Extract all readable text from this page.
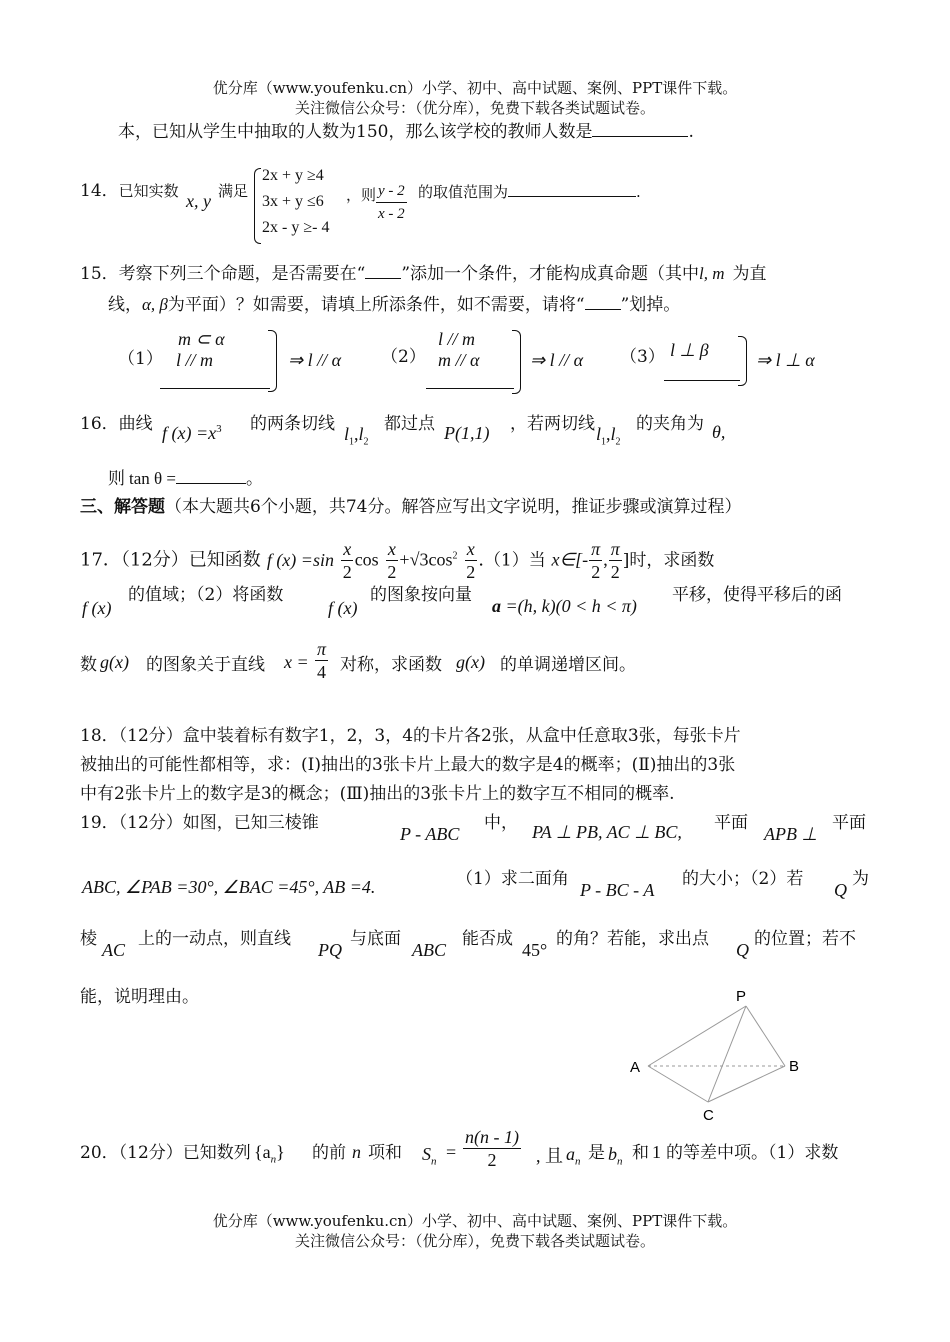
优分库（www.youfenku.cn）小学、初中、高中试题、案例、PPT课件下载。
关注微信公众号：（优分库），免费下载各类试题试卷。
本，已知从学生中抽取的人数为150，那么该学校的教师人数是	.
14．已知实数 x, y 满足
2x + y ≥4
3x + y ≤6
2x - y ≥- 4
，则 $\frac{y - 2}{x - 2}$ 的取值范围为	.
15．考察下列三个命题，是否需要在“ ”添加一个条件，才能构成真命题（其中l, m 为直
线，α, β为平面）？如需要，请填上所添条件，如不需要，请将“ ”划掉。
（1）
m ⊂ α
l // m	⇒ l // α （2）
l // m
m // α	⇒ l // α （3） l ⊥ β	⇒ l ⊥ α
16．曲线 f $(x) =x^3$ 的两条切线 $l_1,l_2$
都过点 P(1,1) ，若两切线 $l_1,l_2$
的夹角为 θ,
则 tan θ =	。
三、解答题（本大题共6个小题，共74分。解答应写出文字说明，推证步骤或演算过程）
17．（12分）已知函数 f $(x) =\sin \frac{x}{2}$ $\cos \frac{x}{2} +√3\cos^2 \frac{x}{2} .(1)$当 x∈[- $\frac{\pi}{2}$ , $\frac{\pi}{2}$ ]时，求函数
f (x)
的值域；（2）将函数
f (x)
的图象按向量
a =(h, k)(0 < h < π)
平移，使得平移后的函
数 g(x) 的图象关于直线 $x = \frac{\pi}{4}$ 对称，求函数 g(x) 的单调递增区间。
18．（12分）盒中装着标有数字1，2，3，4的卡片各2张，从盒中任意取3张，每张卡片
被抽出的可能性都相等，求：(Ⅰ)抽出的3张卡片上最大的数字是4的概率；(Ⅱ)抽出的3张
中有2张卡片上的数字是3的概念；(Ⅲ)抽出的3张卡片上的数字互不相同的概率.
19．（12分）如图，已知三棱锥
P - ABC
中， PA ⊥ PB, AC ⊥ BC, 平面
APB ⊥
平面
ABC, ∠PAB =30°, ∠BAC =45°, AB =4.	（1）求二面角
P - BC - A
的大小；（2）若
Q
为
棱
AC
上的一动点，则直线
PQ
与底面
ABC
能否成
45°
的角？若能，求出点
Q
的位置；若不
能，说明理由。	P
A	B
C
20．（12分）已知数列 $\{a_n\}$ 的前 n 项和 $S_n = \frac{n(n - 1)}{2}$ , 且 $a_n$ 是 $b_n$ 和 1 的等差中项。（1）求数
优分库（www.youfenku.cn）小学、初中、高中试题、案例、PPT课件下载。
关注微信公众号：（优分库），免费下载各类试题试卷。
